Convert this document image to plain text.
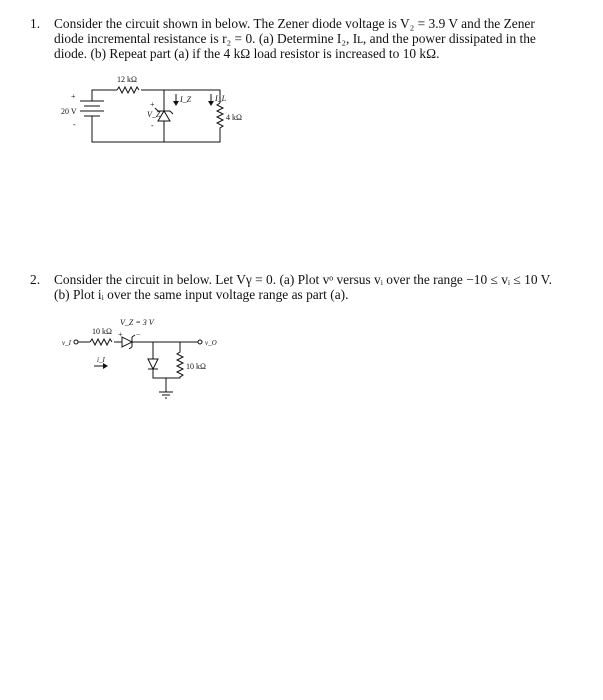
1. Consider the circuit shown in below. The Zener diode voltage is V₂ = 3.9 V and the Zener
diode incremental resistance is r₂ = 0. (a) Determine I₂, Iʟ, and the power dissipated in the
diode. (b) Repeat part (a) if the 4 kΩ load resistor is increased to 10 kΩ.
12 kΩ
20 V
+
-
+
V_Z
-
I_Z	I_L
4 kΩ
2. Consider the circuit in below. Let Vγ = 0. (a) Plot vᵒ versus vᵢ over the range −10 ≤ vᵢ ≤ 10 V.
(b) Plot iᵢ over the same input voltage range as part (a).
v_I
10 kΩ
V_Z = 3 V
+ −
i_I
v_O
10 kΩ
